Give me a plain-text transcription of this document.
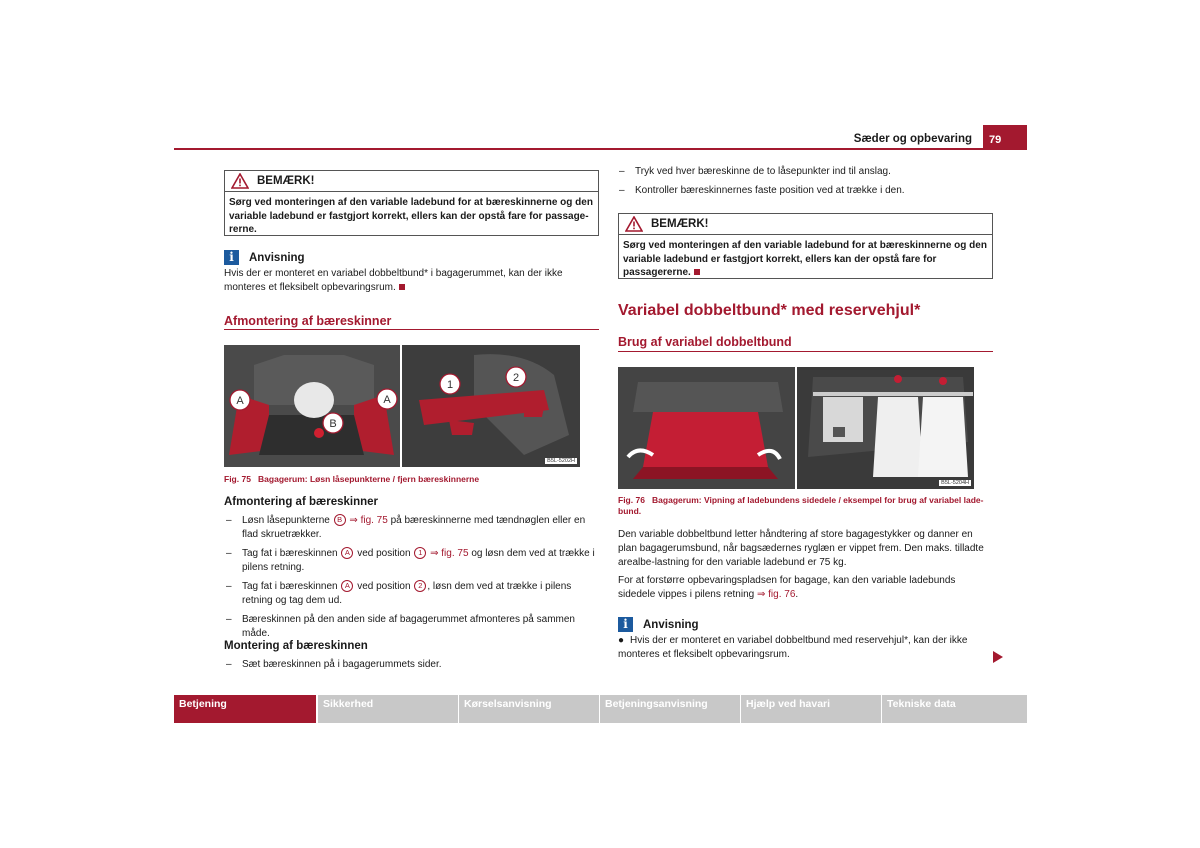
Sæder og opbevaring	79
BEMÆRK!
Sørg ved monteringen af den variable ladebund for at bæreskinnerne og den variable ladebund er fastgjort korrekt, ellers kan der opstå fare for passage-rerne.
i	Anvisning
Hvis der er monteret en variabel dobbeltbund* i bagagerummet, kan der ikke monteres et fleksibelt opbevaringsrum.
Afmontering af bæreskinner
A
B
A
1
2
B5L-5202H
Fig. 75 Bagagerum: Løsn låsepunkterne / fjern bæreskinnerne
Afmontering af bæreskinner
– Løsn låsepunkterne B ⇒ fig. 75 på bæreskinnerne med tændnøglen eller en flad skruetrækker.
– Tag fat i bæreskinnen A ved position 1 ⇒ fig. 75 og løsn dem ved at trække i pilens retning.
– Tag fat i bæreskinnen A ved position 2 , løsn dem ved at trække i pilens retning og tag dem ud.
– Bæreskinnen på den anden side af bagagerummet afmonteres på sammen måde.
Montering af bæreskinnen
– Sæt bæreskinnen på i bagagerummets sider.
– Tryk ved hver bæreskinne de to låsepunkter ind til anslag.
– Kontroller bæreskinnernes faste position ved at trække i den.
BEMÆRK!
Sørg ved monteringen af den variable ladebund for at bæreskinnerne og den variable ladebund er fastgjort korrekt, ellers kan der opstå fare for passagererne.
Variabel dobbeltbund* med reservehjul*
Brug af variabel dobbeltbund
B5L-5204H
Fig. 76 Bagagerum: Vipning af ladebundens sidedele / eksempel for brug af variabel lade-bund.
Den variable dobbeltbund letter håndtering af store bagagestykker og danner en plan bagagerumsbund, når bagsædernes ryglæn er vippet frem. Den maks. tilladte arealbe-lastning for den variable ladebund er 75 kg.
For at forstørre opbevaringspladsen for bagage, kan den variable ladebunds sidedele vippes i pilens retning ⇒ fig. 76.
i	Anvisning
● Hvis der er monteret en variabel dobbeltbund med reservehjul*, kan der ikke monteres et fleksibelt opbevaringsrum.
Betjening	Sikkerhed	Kørselsanvisning	Betjeningsanvisning	Hjælp ved havari	Tekniske data
